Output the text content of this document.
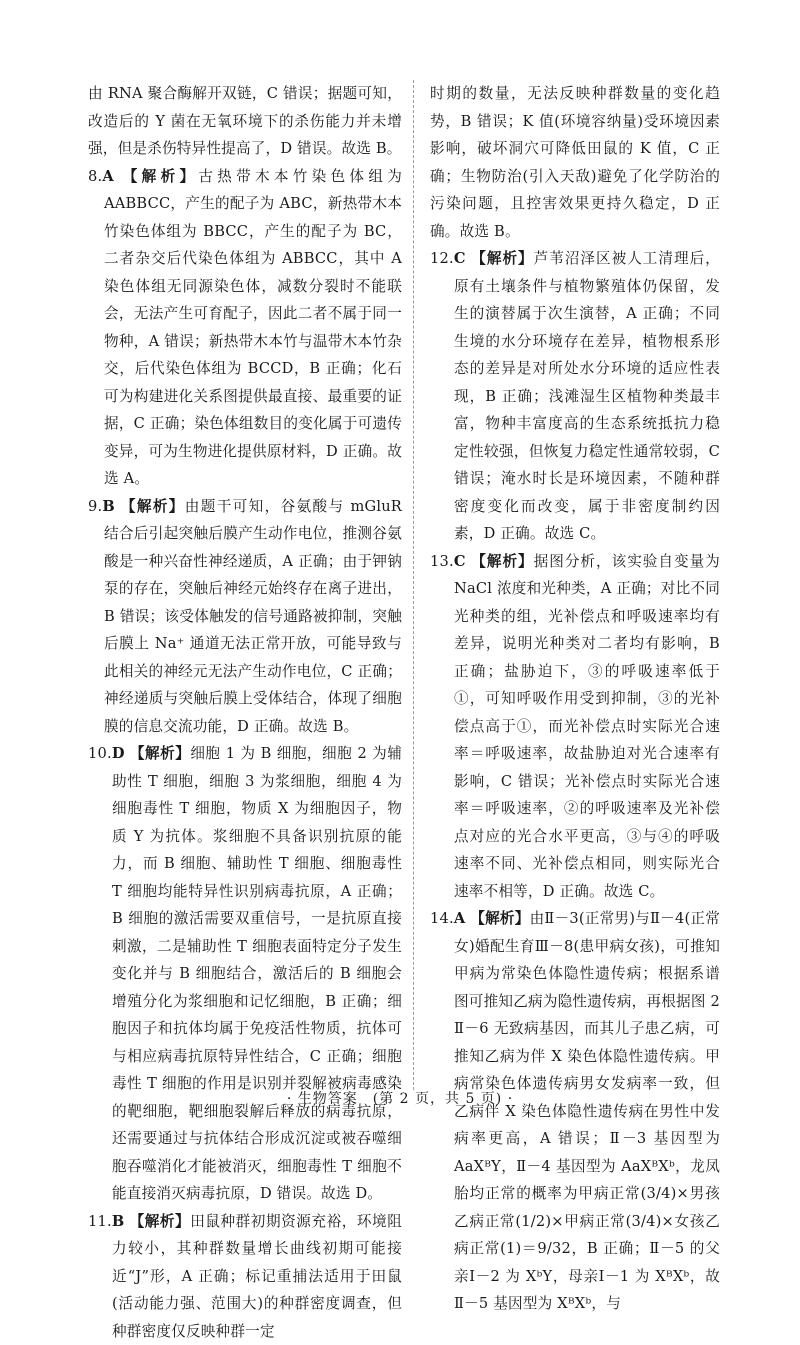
由 RNA 聚合酶解开双链，C 错误；据题可知，改造后的 Y 菌在无氧环境下的杀伤能力并未增强，但是杀伤特异性提高了，D 错误。故选 B。

8.A 【解析】古热带木本竹染色体组为 AABBCC，产生的配子为 ABC，新热带木本竹染色体组为 BBCC，产生的配子为 BC，二者杂交后代染色体组为 ABBCC，其中 A 染色体组无同源染色体，减数分裂时不能联会，无法产生可育配子，因此二者不属于同一物种，A 错误；新热带木本竹与温带木本竹杂交，后代染色体组为 BCCD，B 正确；化石可为构建进化关系图提供最直接、最重要的证据，C 正确；染色体组数目的变化属于可遗传变异，可为生物进化提供原材料，D 正确。故选 A。

9.B 【解析】由题干可知，谷氨酸与 mGluR 结合后引起突触后膜产生动作电位，推测谷氨酸是一种兴奋性神经递质，A 正确；由于钾钠泵的存在，突触后神经元始终存在离子进出，B 错误；该受体触发的信号通路被抑制，突触后膜上 Na⁺ 通道无法正常开放，可能导致与此相关的神经元无法产生动作电位，C 正确；神经递质与突触后膜上受体结合，体现了细胞膜的信息交流功能，D 正确。故选 B。

10.D 【解析】细胞 1 为 B 细胞，细胞 2 为辅助性 T 细胞，细胞 3 为浆细胞，细胞 4 为细胞毒性 T 细胞，物质 X 为细胞因子，物质 Y 为抗体。浆细胞不具备识别抗原的能力，而 B 细胞、辅助性 T 细胞、细胞毒性 T 细胞均能特异性识别病毒抗原，A 正确；B 细胞的激活需要双重信号，一是抗原直接刺激，二是辅助性 T 细胞表面特定分子发生变化并与 B 细胞结合，激活后的 B 细胞会增殖分化为浆细胞和记忆细胞，B 正确；细胞因子和抗体均属于免疫活性物质，抗体可与相应病毒抗原特异性结合，C 正确；细胞毒性 T 细胞的作用是识别并裂解被病毒感染的靶细胞，靶细胞裂解后释放的病毒抗原，还需要通过与抗体结合形成沉淀或被吞噬细胞吞噬消化才能被消灭，细胞毒性 T 细胞不能直接消灭病毒抗原，D 错误。故选 D。

11.B 【解析】田鼠种群初期资源充裕，环境阻力较小，其种群数量增长曲线初期可能接近“J”形，A 正确；标记重捕法适用于田鼠(活动能力强、范围大)的种群密度调查，但种群密度仅反映种群一定

时期的数量，无法反映种群数量的变化趋势，B 错误；K 值(环境容纳量)受环境因素影响，破坏洞穴可降低田鼠的 K 值，C 正确；生物防治(引入天敌)避免了化学防治的污染问题，且控害效果更持久稳定，D 正确。故选 B。

12.C 【解析】芦苇沼泽区被人工清理后，原有土壤条件与植物繁殖体仍保留，发生的演替属于次生演替，A 正确；不同生境的水分环境存在差异，植物根系形态的差异是对所处水分环境的适应性表现，B 正确；浅滩湿生区植物种类最丰富，物种丰富度高的生态系统抵抗力稳定性较强，但恢复力稳定性通常较弱，C 错误；淹水时长是环境因素，不随种群密度变化而改变，属于非密度制约因素，D 正确。故选 C。

13.C 【解析】据图分析，该实验自变量为 NaCl 浓度和光种类，A 正确；对比不同光种类的组，光补偿点和呼吸速率均有差异，说明光种类对二者均有影响，B 正确；盐胁迫下，③的呼吸速率低于①，可知呼吸作用受到抑制，③的光补偿点高于①，而光补偿点时实际光合速率＝呼吸速率，故盐胁迫对光合速率有影响，C 错误；光补偿点时实际光合速率＝呼吸速率，②的呼吸速率及光补偿点对应的光合水平更高，③与④的呼吸速率不同、光补偿点相同，则实际光合速率不相等，D 正确。故选 C。

14.A 【解析】由Ⅱ－3(正常男)与Ⅱ－4(正常女)婚配生育Ⅲ－8(患甲病女孩)，可推知甲病为常染色体隐性遗传病；根据系谱图可推知乙病为隐性遗传病，再根据图 2 Ⅱ－6 无致病基因，而其儿子患乙病，可推知乙病为伴 X 染色体隐性遗传病。甲病常染色体遗传病男女发病率一致，但乙病伴 X 染色体隐性遗传病在男性中发病率更高，A 错误；Ⅱ－3 基因型为 AaXᴮY，Ⅱ－4 基因型为 AaXᴮXᵇ，龙凤胎均正常的概率为甲病正常(3/4)×男孩乙病正常(1/2)×甲病正常(3/4)×女孩乙病正常(1)＝9/32，B 正确；Ⅱ－5 的父亲Ⅰ－2 为 XᵇY，母亲Ⅰ－1 为 XᴮXᵇ，故Ⅱ－5 基因型为 XᴮXᵇ，与

· 生物答案　(第 2 页，共 5 页) ·
